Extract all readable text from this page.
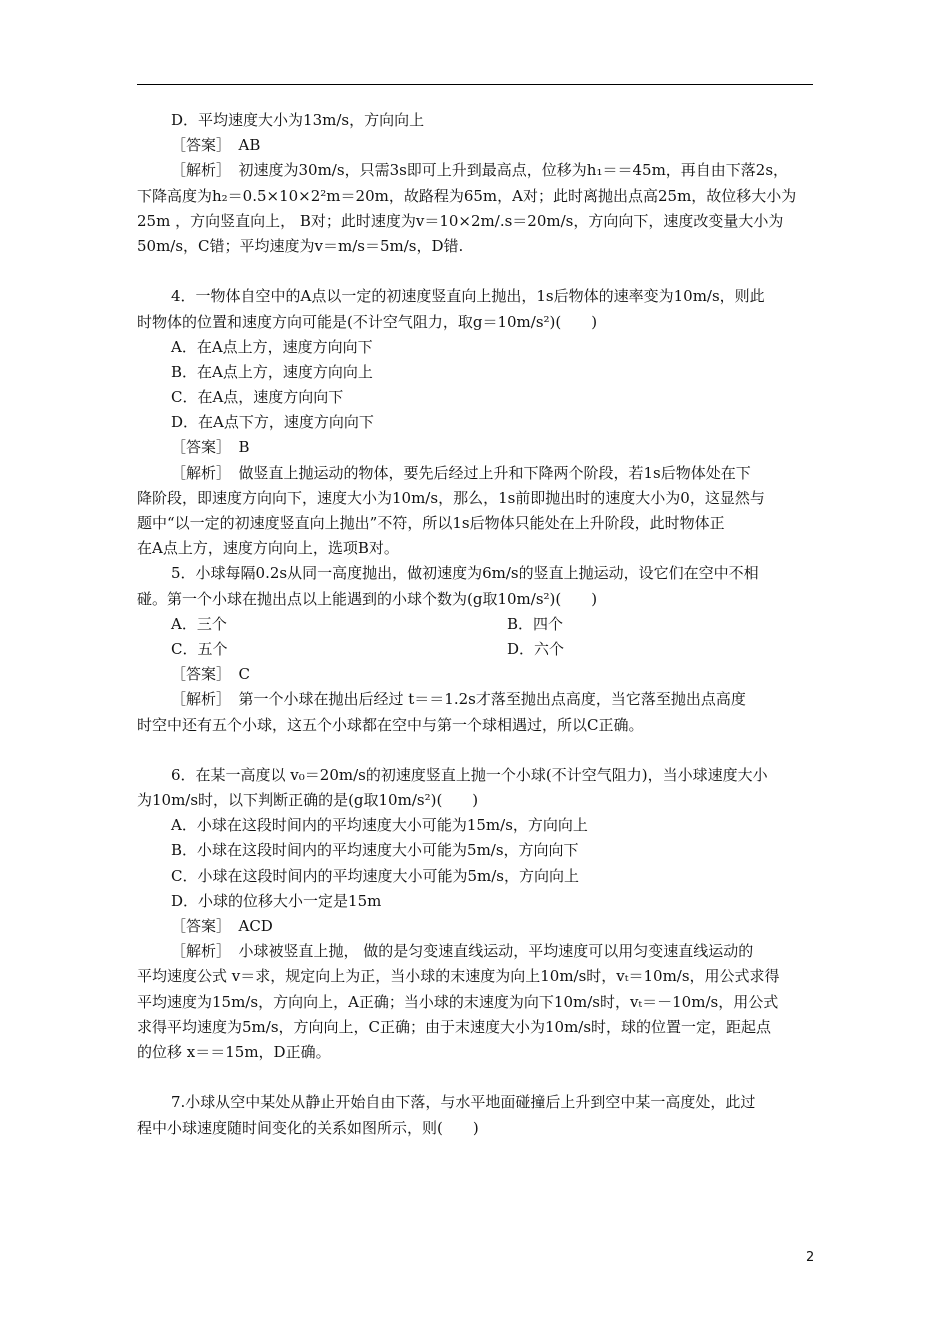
D．平均速度大小为13m/s，方向向上
［答案］　AB
［解析］　初速度为30m/s，只需3s即可上升到最高点，位移为h₁＝＝45m，再自由下落2s，
下降高度为h₂＝0.5×10×2²m＝20m，故路程为65m，A对；此时离抛出点高25m，故位移大小为
25m ，方向竖直向上， B对；此时速度为v＝10×2m/.s＝20m/s，方向向下，速度改变量大小为
50m/s，C错；平均速度为v＝m/s＝5m/s，D错.
4．一物体自空中的A点以一定的初速度竖直向上抛出，1s后物体的速率变为10m/s，则此
时物体的位置和速度方向可能是(不计空气阻力，取g＝10m/s²)(　　)
A．在A点上方，速度方向向下
B．在A点上方，速度方向向上
C．在A点，速度方向向下
D．在A点下方，速度方向向下
［答案］　B
［解析］　做竖直上抛运动的物体，要先后经过上升和下降两个阶段，若1s后物体处在下
降阶段，即速度方向向下，速度大小为10m/s，那么，1s前即抛出时的速度大小为0，这显然与
题中“以一定的初速度竖直向上抛出”不符，所以1s后物体只能处在上升阶段，此时物体正
在A点上方，速度方向向上，选项B对。
5．小球每隔0.2s从同一高度抛出，做初速度为6m/s的竖直上抛运动，设它们在空中不相
碰。第一个小球在抛出点以上能遇到的小球个数为(g取10m/s²)(　　)
A．三个	B．四个
C．五个	D．六个
［答案］　C
［解析］　第一个小球在抛出后经过 t＝＝1.2s才落至抛出点高度，当它落至抛出点高度
时空中还有五个小球，这五个小球都在空中与第一个球相遇过，所以C正确。
6．在某一高度以 v₀＝20m/s的初速度竖直上抛一个小球(不计空气阻力)，当小球速度大小
为10m/s时，以下判断正确的是(g取10m/s²)(　　)
A．小球在这段时间内的平均速度大小可能为15m/s，方向向上
B．小球在这段时间内的平均速度大小可能为5m/s，方向向下
C．小球在这段时间内的平均速度大小可能为5m/s，方向向上
D．小球的位移大小一定是15m
［答案］　ACD
［解析］　小球被竖直上抛， 做的是匀变速直线运动，平均速度可以用匀变速直线运动的
平均速度公式 v＝求，规定向上为正，当小球的末速度为向上10m/s时，vₜ＝10m/s，用公式求得
平均速度为15m/s，方向向上，A正确；当小球的末速度为向下10m/s时，vₜ＝－10m/s，用公式
求得平均速度为5m/s，方向向上，C正确；由于末速度大小为10m/s时，球的位置一定，距起点
的位移 x＝＝15m，D正确。
7.小球从空中某处从静止开始自由下落，与水平地面碰撞后上升到空中某一高度处，此过
程中小球速度随时间变化的关系如图所示，则(　　)
2
